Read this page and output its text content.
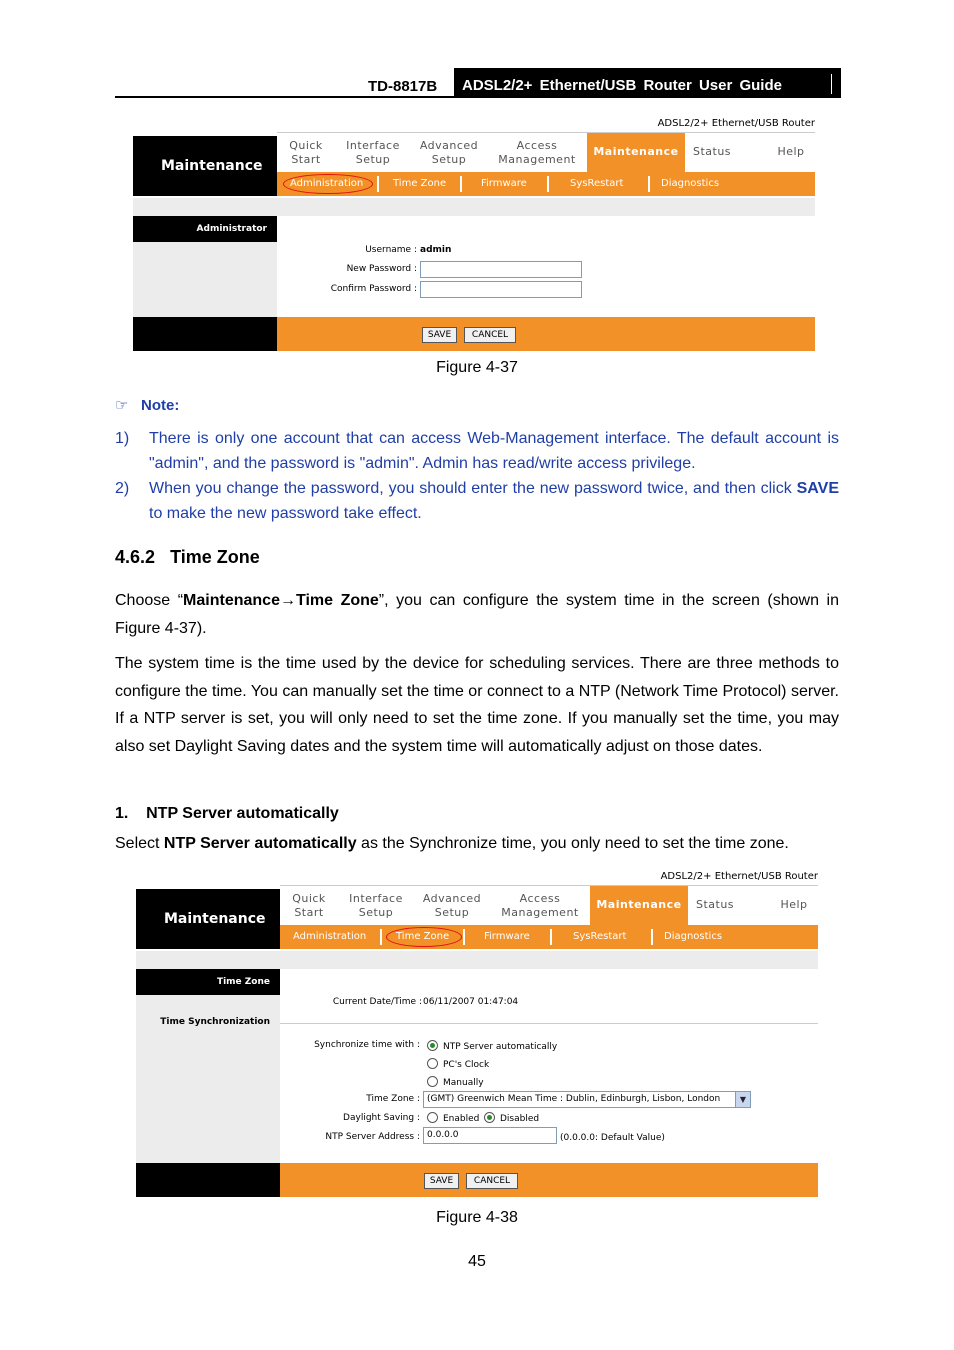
TD-8817B	ADSL2/2+ Ethernet/USB Router User Guide
ADSL2/2+ Ethernet/USB Router
Maintenance
Quick
Start
Interface
Setup
Advanced
Setup
Access
Management
Maintenance	Status	Help
Administration	Time Zone	Firmware	SysRestart	Diagnostics
Administrator
Username : admin
New Password :
Confirm Password :
SAVE	CANCEL
Figure 4-37
☞ Note:
1) There is only one account that can access Web-Management interface. The default account is "admin", and the password is "admin". Admin has read/write access privilege.
2) When you change the password, you should enter the new password twice, and then click SAVE to make the new password take effect.
4.6.2 Time Zone
Choose “Maintenance→Time Zone”, you can configure the system time in the screen (shown in Figure 4-37).
The system time is the time used by the device for scheduling services. There are three methods to configure the time. You can manually set the time or connect to a NTP (Network Time Protocol) server. If a NTP server is set, you will only need to set the time zone. If you manually set the time, you may also set Daylight Saving dates and the system time will automatically adjust on those dates.
1.    NTP Server automatically
Select NTP Server automatically as the Synchronize time, you only need to set the time zone.
ADSL2/2+ Ethernet/USB Router
Maintenance
Quick
Start
Interface
Setup
Advanced
Setup
Access
Management
Maintenance	Status	Help
Administration	Time Zone	Firmware	SysRestart	Diagnostics
Time Zone
Time Synchronization
Current Date/Time : 06/11/2007 01:47:04
Synchronize time with :	NTP Server automatically
PC's Clock
Manually
Time Zone : (GMT) Greenwich Mean Time : Dublin, Edinburgh, Lisbon, London	▼
Daylight Saving :	Enabled Disabled
NTP Server Address : 0.0.0.0	(0.0.0.0: Default Value)
SAVE	CANCEL
Figure 4-38
45
